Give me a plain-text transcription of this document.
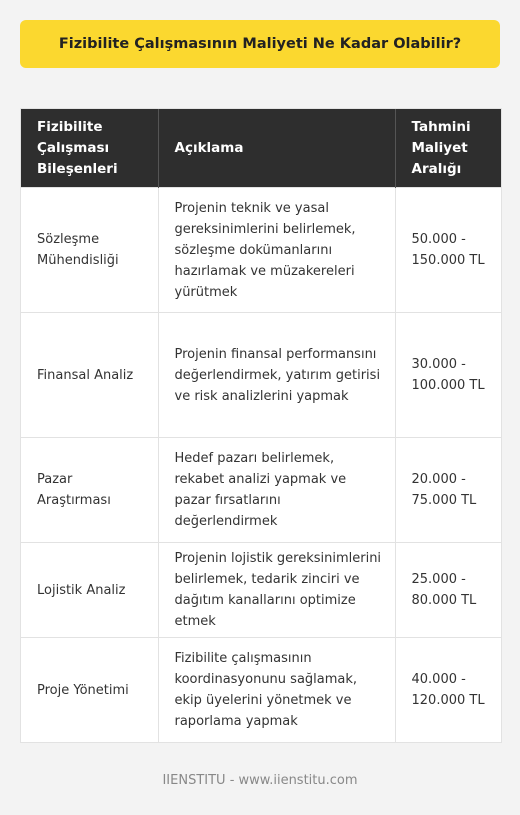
Fizibilite Çalışmasının Maliyeti Ne Kadar Olabilir?
Fizibilite Çalışması Bileşenleri	Açıklama	Tahmini Maliyet Aralığı
Sözleşme Mühendisliği	Projenin teknik ve yasal gereksinimlerini belirlemek, sözleşme dokümanlarını hazırlamak ve müzakereleri yürütmek	50.000 - 150.000 TL
Finansal Analiz	Projenin finansal performansını değerlendirmek, yatırım getirisi ve risk analizlerini yapmak	30.000 - 100.000 TL
Pazar Araştırması	Hedef pazarı belirlemek, rekabet analizi yapmak ve pazar fırsatlarını değerlendirmek	20.000 - 75.000 TL
Lojistik Analiz	Projenin lojistik gereksinimlerini belirlemek, tedarik zinciri ve dağıtım kanallarını optimize etmek	25.000 - 80.000 TL
Proje Yönetimi	Fizibilite çalışmasının koordinasyonunu sağlamak, ekip üyelerini yönetmek ve raporlama yapmak	40.000 - 120.000 TL
IIENSTITU - www.iienstitu.com
